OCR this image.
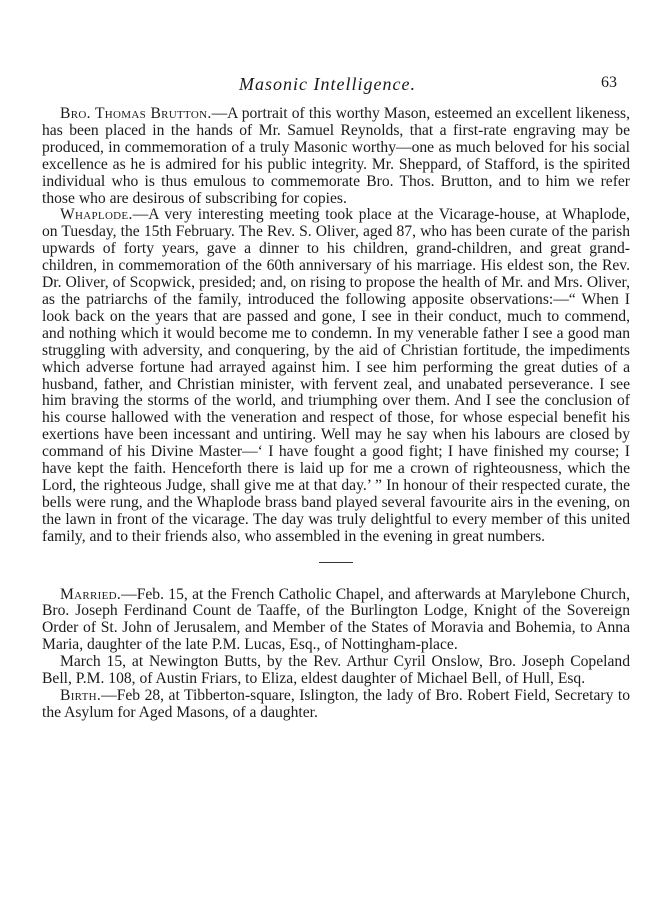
Masonic Intelligence.	63

Bro. Thomas Brutton.—A portrait of this worthy Mason, esteemed an excellent likeness, has been placed in the hands of Mr. Samuel Reynolds, that a first-rate engraving may be produced, in commemoration of a truly Masonic worthy—one as much beloved for his social excellence as he is admired for his public integrity. Mr. Sheppard, of Stafford, is the spirited individual who is thus emulous to commemorate Bro. Thos. Brutton, and to him we refer those who are desirous of subscribing for copies.

Whaplode.—A very interesting meeting took place at the Vicarage-house, at Whaplode, on Tuesday, the 15th February. The Rev. S. Oliver, aged 87, who has been curate of the parish upwards of forty years, gave a dinner to his children, grand-children, and great grand-children, in commemoration of the 60th anniversary of his marriage. His eldest son, the Rev. Dr. Oliver, of Scopwick, presided; and, on rising to propose the health of Mr. and Mrs. Oliver, as the patriarchs of the family, introduced the following apposite observations:—“ When I look back on the years that are passed and gone, I see in their conduct, much to commend, and nothing which it would become me to condemn. In my venerable father I see a good man struggling with adversity, and conquering, by the aid of Christian fortitude, the impediments which adverse fortune had arrayed against him. I see him performing the great duties of a husband, father, and Christian minister, with fervent zeal, and unabated perseverance. I see him braving the storms of the world, and triumphing over them. And I see the conclusion of his course hallowed with the veneration and respect of those, for whose especial benefit his exertions have been incessant and untiring. Well may he say when his labours are closed by command of his Divine Master—‘ I have fought a good fight; I have finished my course; I have kept the faith. Henceforth there is laid up for me a crown of righteousness, which the Lord, the righteous Judge, shall give me at that day.’ ” In honour of their respected curate, the bells were rung, and the Whaplode brass band played several favourite airs in the evening, on the lawn in front of the vicarage. The day was truly delightful to every member of this united family, and to their friends also, who assembled in the evening in great numbers.

Married.—Feb. 15, at the French Catholic Chapel, and afterwards at Marylebone Church, Bro. Joseph Ferdinand Count de Taaffe, of the Burlington Lodge, Knight of the Sovereign Order of St. John of Jerusalem, and Member of the States of Moravia and Bohemia, to Anna Maria, daughter of the late P.M. Lucas, Esq., of Nottingham-place.

March 15, at Newington Butts, by the Rev. Arthur Cyril Onslow, Bro. Joseph Copeland Bell, P.M. 108, of Austin Friars, to Eliza, eldest daughter of Michael Bell, of Hull, Esq.

Birth.—Feb 28, at Tibberton-square, Islington, the lady of Bro. Robert Field, Secretary to the Asylum for Aged Masons, of a daughter.
